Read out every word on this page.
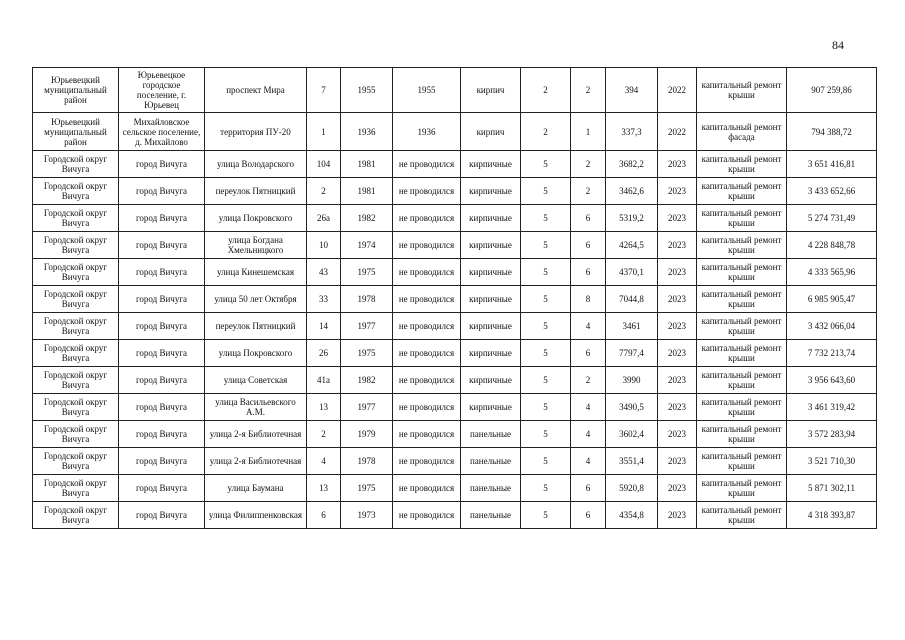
84
Юрьевецкий муниципальный район	Юрьевецкое городское поселение, г. Юрьевец	проспект Мира	7	1955	1955	кирпич	2	2	394	2022	капитальный ремонт крыши	907 259,86
Юрьевецкий муниципальный район	Михайловское сельское поселение, д. Михайлово	территория ПУ-20	1	1936	1936	кирпич	2	1	337,3	2022	капитальный ремонт фасада	794 388,72
Городской округ Вичуга	город Вичуга	улица Володарского	104	1981	не проводился	кирпичные	5	2	3682,2	2023	капитальный ремонт крыши	3 651 416,81
Городской округ Вичуга	город Вичуга	переулок Пятницкий	2	1981	не проводился	кирпичные	5	2	3462,6	2023	капитальный ремонт крыши	3 433 652,66
Городской округ Вичуга	город Вичуга	улица Покровского	26а	1982	не проводился	кирпичные	5	6	5319,2	2023	капитальный ремонт крыши	5 274 731,49
Городской округ Вичуга	город Вичуга	улица Богдана Хмельницкого	10	1974	не проводился	кирпичные	5	6	4264,5	2023	капитальный ремонт крыши	4 228 848,78
Городской округ Вичуга	город Вичуга	улица Кинешемская	43	1975	не проводился	кирпичные	5	6	4370,1	2023	капитальный ремонт крыши	4 333 565,96
Городской округ Вичуга	город Вичуга	улица 50 лет Октября	33	1978	не проводился	кирпичные	5	8	7044,8	2023	капитальный ремонт крыши	6 985 905,47
Городской округ Вичуга	город Вичуга	переулок Пятницкий	14	1977	не проводился	кирпичные	5	4	3461	2023	капитальный ремонт крыши	3 432 066,04
Городской округ Вичуга	город Вичуга	улица Покровского	26	1975	не проводился	кирпичные	5	6	7797,4	2023	капитальный ремонт крыши	7 732 213,74
Городской округ Вичуга	город Вичуга	улица Советская	41а	1982	не проводился	кирпичные	5	2	3990	2023	капитальный ремонт крыши	3 956 643,60
Городской округ Вичуга	город Вичуга	улица Васильевского А.М.	13	1977	не проводился	кирпичные	5	4	3490,5	2023	капитальный ремонт крыши	3 461 319,42
Городской округ Вичуга	город Вичуга	улица 2-я Библиотечная	2	1979	не проводился	панельные	5	4	3602,4	2023	капитальный ремонт крыши	3 572 283,94
Городской округ Вичуга	город Вичуга	улица 2-я Библиотечная	4	1978	не проводился	панельные	5	4	3551,4	2023	капитальный ремонт крыши	3 521 710,30
Городской округ Вичуга	город Вичуга	улица Баумана	13	1975	не проводился	панельные	5	6	5920,8	2023	капитальный ремонт крыши	5 871 302,11
Городской округ Вичуга	город Вичуга	улица Филиппенковская	6	1973	не проводился	панельные	5	6	4354,8	2023	капитальный ремонт крыши	4 318 393,87
